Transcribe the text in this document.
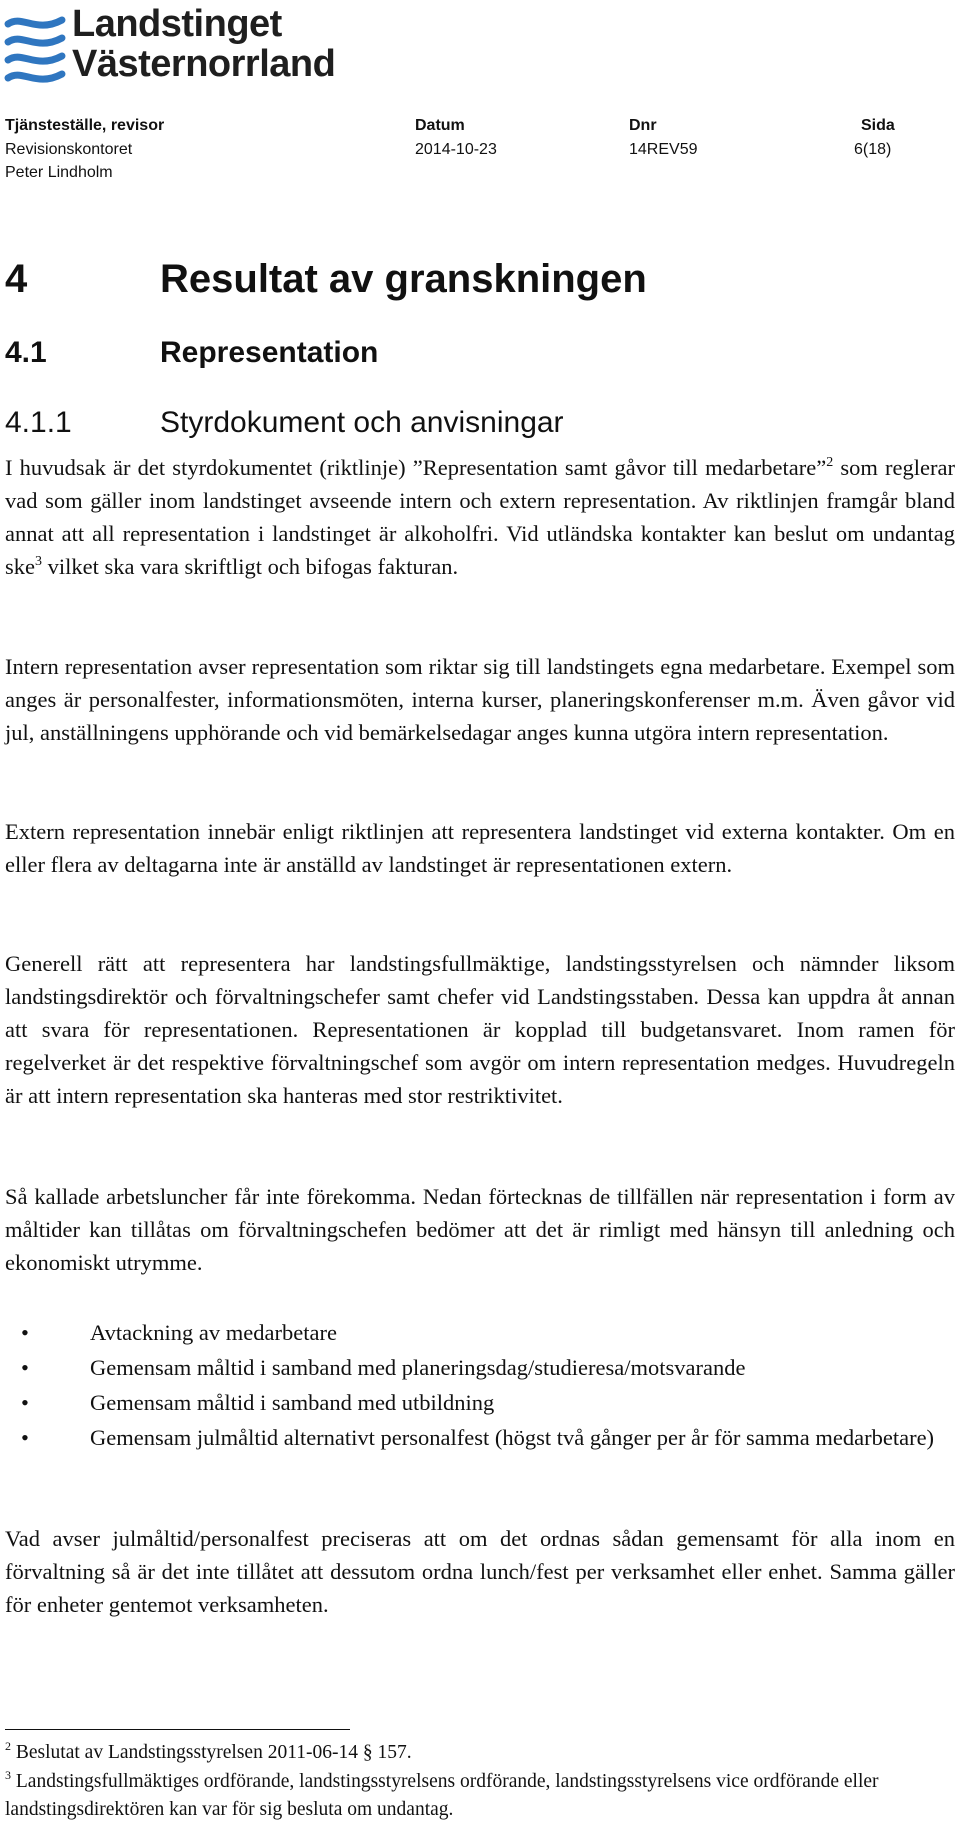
Landstinget
Västernorrland
Tjänsteställe, revisor
Revisionskontoret
Peter Lindholm
Datum
2014-10-23
Dnr
14REV59
Sida
6(18)
4	Resultat av granskningen
4.1	Representation
4.1.1	Styrdokument och anvisningar
I huvudsak är det styrdokumentet (riktlinje) ”Representation samt gåvor till medarbetare”$^2$ som reglerar vad som gäller inom landstinget avseende intern och extern representation. Av riktlinjen framgår bland annat att all representation i landstinget är alkoholfri. Vid utländska kontakter kan beslut om undantag ske$^3$ vilket ska vara skriftligt och bifogas fakturan.
Intern representation avser representation som riktar sig till landstingets egna medarbetare. Exempel som anges är personalfester, informationsmöten, interna kurser, planeringskonferenser m.m. Även gåvor vid jul, anställningens upphörande och vid bemärkelsedagar anges kunna utgöra intern representation.
Extern representation innebär enligt riktlinjen att representera landstinget vid externa kontakter. Om en eller flera av deltagarna inte är anställd av landstinget är representationen extern.
Generell rätt att representera har landstingsfullmäktige, landstingsstyrelsen och nämnder liksom landstingsdirektör och förvaltningschefer samt chefer vid Landstingsstaben. Dessa kan uppdra åt annan att svara för representationen. Representationen är kopplad till budgetansvaret. Inom ramen för regelverket är det respektive förvaltningschef som avgör om intern representation medges. Huvudregeln är att intern representation ska hanteras med stor restriktivitet.
Så kallade arbetsluncher får inte förekomma. Nedan förtecknas de tillfällen när representation i form av måltider kan tillåtas om förvaltningschefen bedömer att det är rimligt med hänsyn till anledning och ekonomiskt utrymme.
•	Avtackning av medarbetare
•	Gemensam måltid i samband med planeringsdag/studieresa/motsvarande
•	Gemensam måltid i samband med utbildning
•	Gemensam julmåltid alternativt personalfest (högst två gånger per år för samma medarbetare)
Vad avser julmåltid/personalfest preciseras att om det ordnas sådan gemensamt för alla inom en förvaltning så är det inte tillåtet att dessutom ordna lunch/fest per verksamhet eller enhet. Samma gäller för enheter gentemot verksamheten.
$^2$ Beslutat av Landstingsstyrelsen 2011-06-14 § 157.
$^3$ Landstingsfullmäktiges ordförande, landstingsstyrelsens ordförande, landstingsstyrelsens vice ordförande eller landstingsdirektören kan var för sig besluta om undantag.
